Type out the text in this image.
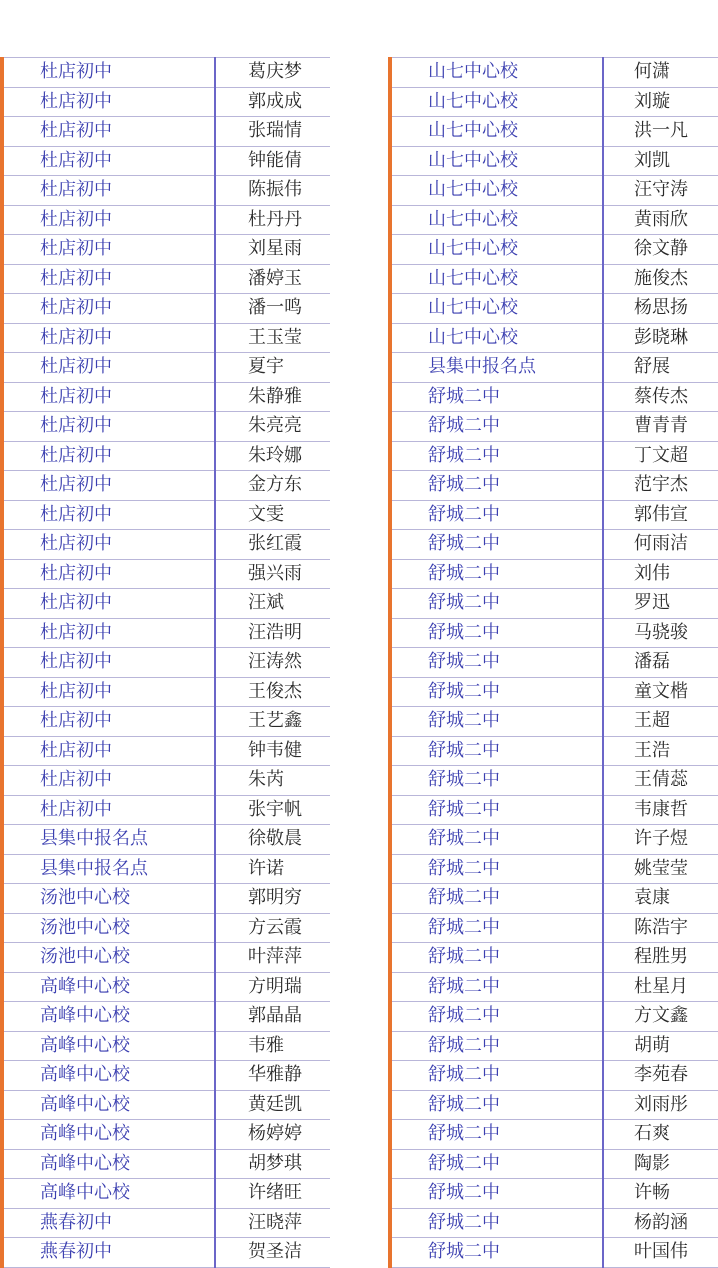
杜店初中	葛庆梦
杜店初中	郭成成
杜店初中	张瑞情
杜店初中	钟能倩
杜店初中	陈振伟
杜店初中	杜丹丹
杜店初中	刘星雨
杜店初中	潘婷玉
杜店初中	潘一鸣
杜店初中	王玉莹
杜店初中	夏宇
杜店初中	朱静雅
杜店初中	朱亮亮
杜店初中	朱玲娜
杜店初中	金方东
杜店初中	文雯
杜店初中	张红霞
杜店初中	强兴雨
杜店初中	汪斌
杜店初中	汪浩明
杜店初中	汪涛然
杜店初中	王俊杰
杜店初中	王艺鑫
杜店初中	钟韦健
杜店初中	朱芮
杜店初中	张宇帆
县集中报名点	徐敬晨
县集中报名点	许诺
汤池中心校	郭明穷
汤池中心校	方云霞
汤池中心校	叶萍萍
高峰中心校	方明瑞
高峰中心校	郭晶晶
高峰中心校	韦雅
高峰中心校	华雅静
高峰中心校	黄廷凯
高峰中心校	杨婷婷
高峰中心校	胡梦琪
高峰中心校	许绪旺
燕春初中	汪晓萍
燕春初中	贺圣洁
山七中心校	何潇
山七中心校	刘璇
山七中心校	洪一凡
山七中心校	刘凯
山七中心校	汪守涛
山七中心校	黄雨欣
山七中心校	徐文静
山七中心校	施俊杰
山七中心校	杨思扬
山七中心校	彭晓琳
县集中报名点	舒展
舒城二中	蔡传杰
舒城二中	曹青青
舒城二中	丁文超
舒城二中	范宇杰
舒城二中	郭伟宣
舒城二中	何雨洁
舒城二中	刘伟
舒城二中	罗迅
舒城二中	马骁骏
舒城二中	潘磊
舒城二中	童文楷
舒城二中	王超
舒城二中	王浩
舒城二中	王倩蕊
舒城二中	韦康哲
舒城二中	许子煜
舒城二中	姚莹莹
舒城二中	袁康
舒城二中	陈浩宇
舒城二中	程胜男
舒城二中	杜星月
舒城二中	方文鑫
舒城二中	胡萌
舒城二中	李苑春
舒城二中	刘雨彤
舒城二中	石爽
舒城二中	陶影
舒城二中	许畅
舒城二中	杨韵涵
舒城二中	叶国伟
